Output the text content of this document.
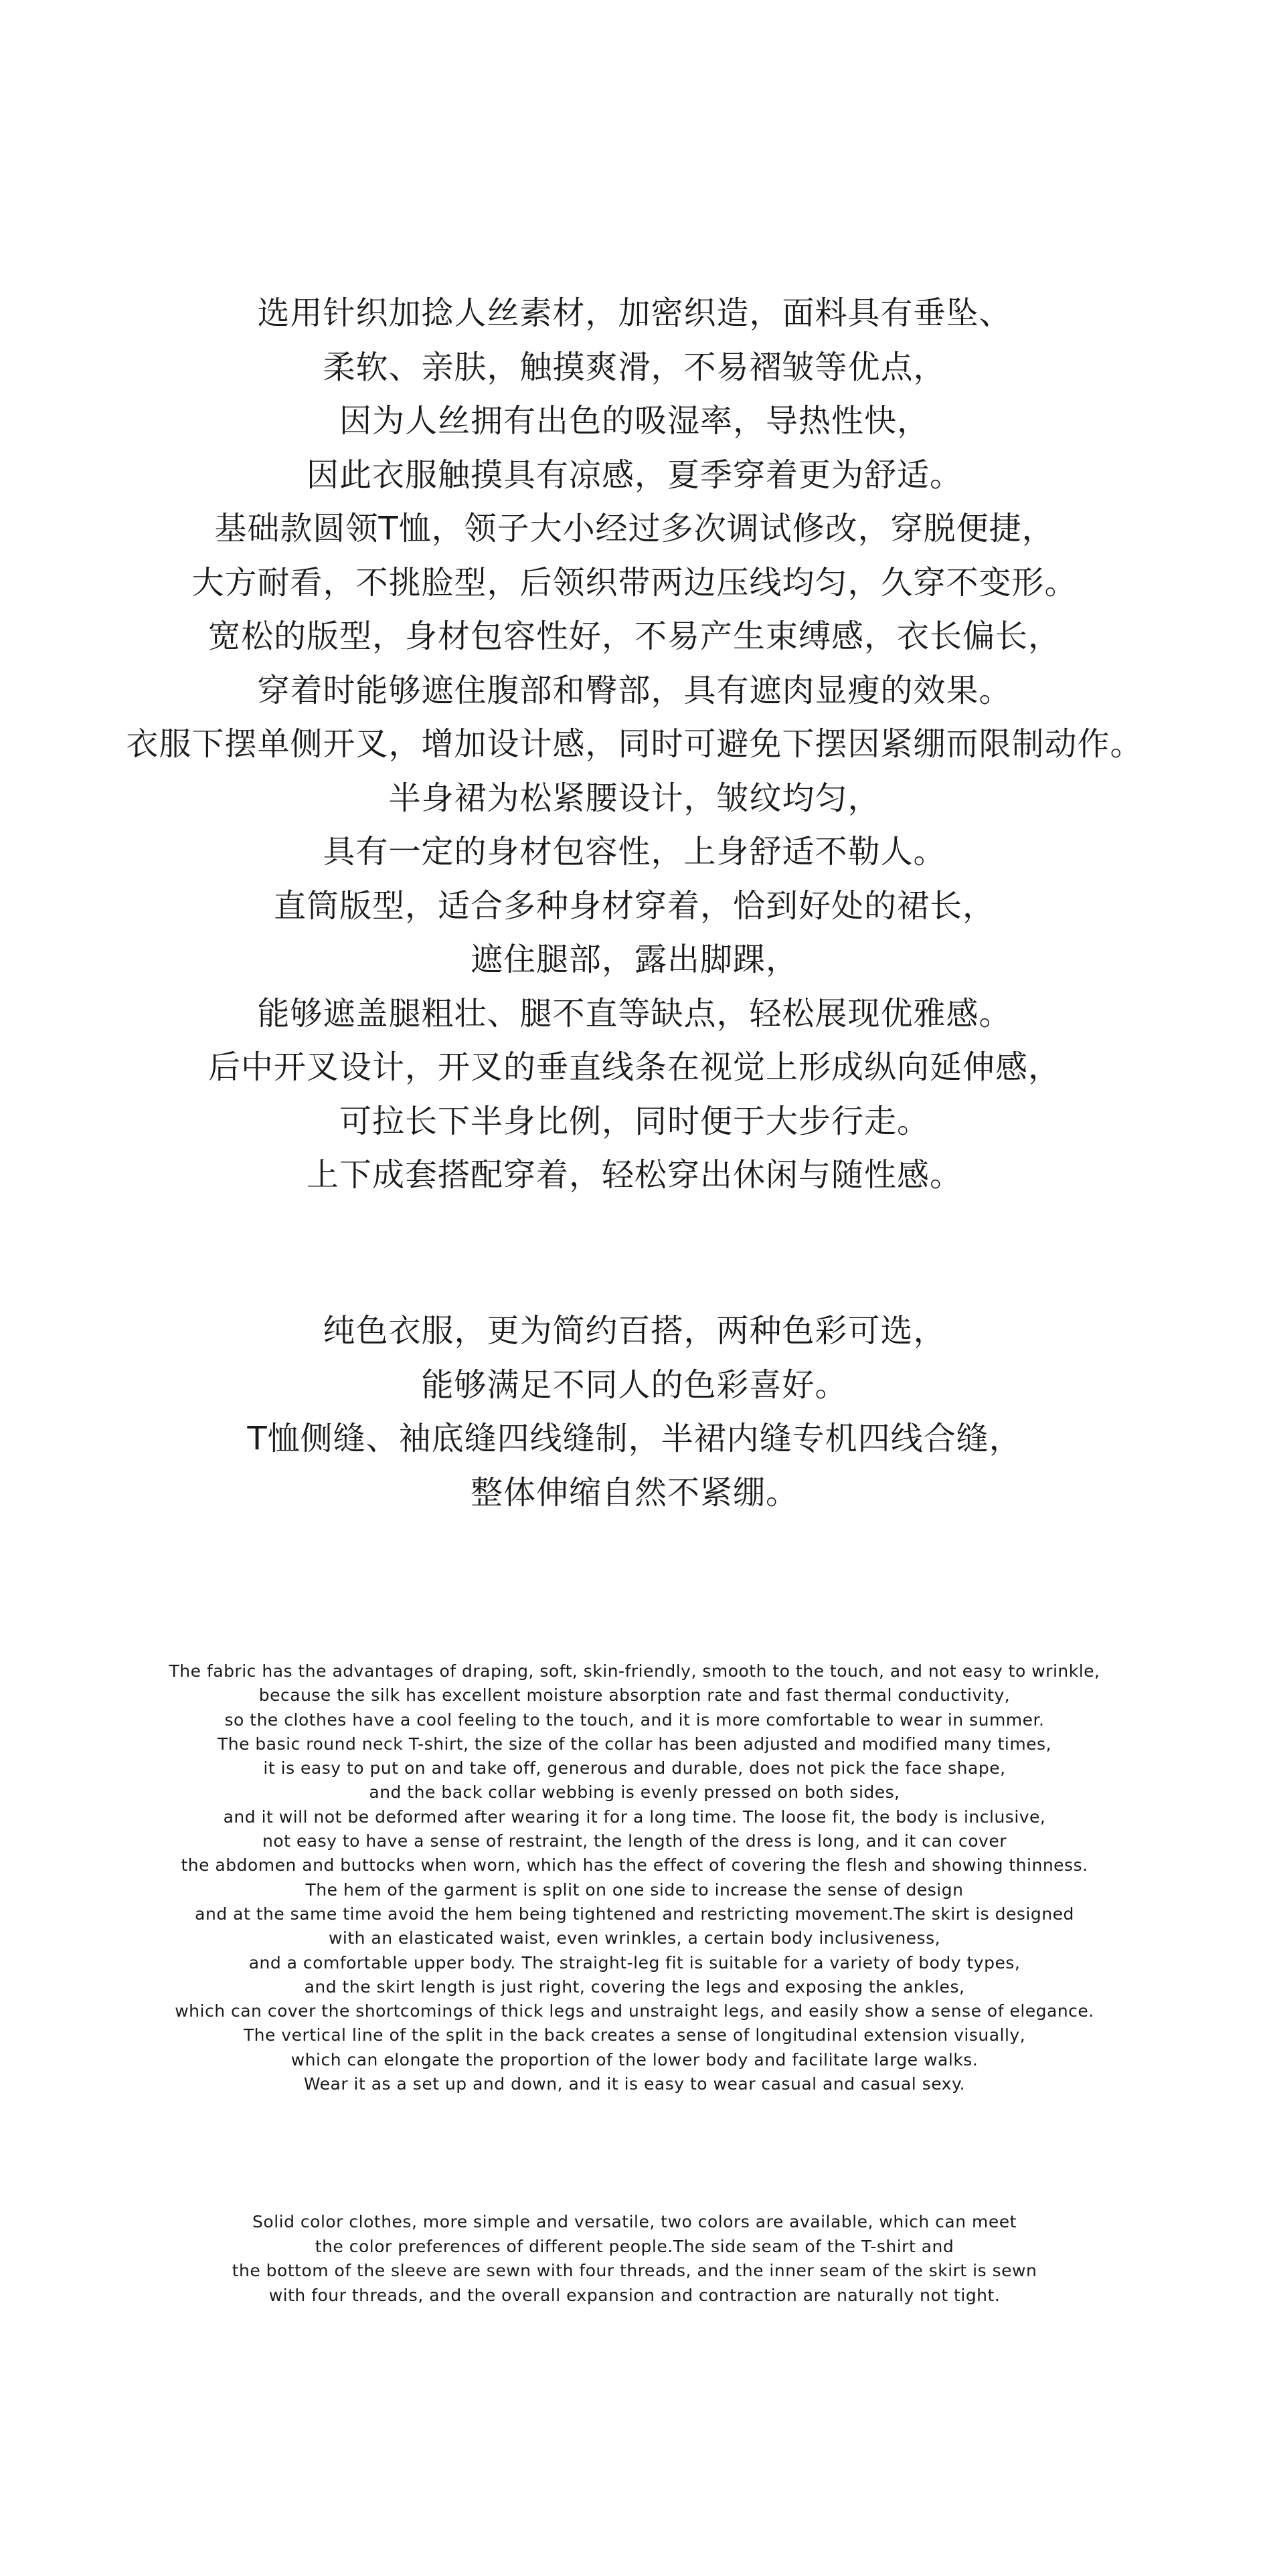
选用针织加捻人丝素材，加密织造，面料具有垂坠、
柔软、亲肤，触摸爽滑，不易褶皱等优点，
因为人丝拥有出色的吸湿率，导热性快，
因此衣服触摸具有凉感，夏季穿着更为舒适。
基础款圆领T恤，领子大小经过多次调试修改，穿脱便捷，
大方耐看，不挑脸型，后领织带两边压线均匀，久穿不变形。
宽松的版型，身材包容性好，不易产生束缚感，衣长偏长，
穿着时能够遮住腹部和臀部，具有遮肉显瘦的效果。
衣服下摆单侧开叉，增加设计感，同时可避免下摆因紧绷而限制动作。
半身裙为松紧腰设计，皱纹均匀，
具有一定的身材包容性，上身舒适不勒人。
直筒版型，适合多种身材穿着，恰到好处的裙长，
遮住腿部，露出脚踝，
能够遮盖腿粗壮、腿不直等缺点，轻松展现优雅感。
后中开叉设计，开叉的垂直线条在视觉上形成纵向延伸感，
可拉长下半身比例，同时便于大步行走。
上下成套搭配穿着，轻松穿出休闲与随性感。
纯色衣服，更为简约百搭，两种色彩可选，
能够满足不同人的色彩喜好。
T恤侧缝、袖底缝四线缝制，半裙内缝专机四线合缝，
整体伸缩自然不紧绷。
The fabric has the advantages of draping, soft, skin-friendly, smooth to the touch, and not easy to wrinkle,
because the silk has excellent moisture absorption rate and fast thermal conductivity,
so the clothes have a cool feeling to the touch, and it is more comfortable to wear in summer.
The basic round neck T-shirt, the size of the collar has been adjusted and modified many times,
it is easy to put on and take off, generous and durable, does not pick the face shape,
and the back collar webbing is evenly pressed on both sides,
and it will not be deformed after wearing it for a long time. The loose fit, the body is inclusive,
not easy to have a sense of restraint, the length of the dress is long, and it can cover
the abdomen and buttocks when worn, which has the effect of covering the flesh and showing thinness.
The hem of the garment is split on one side to increase the sense of design
and at the same time avoid the hem being tightened and restricting movement.The skirt is designed
with an elasticated waist, even wrinkles, a certain body inclusiveness,
and a comfortable upper body. The straight-leg fit is suitable for a variety of body types,
and the skirt length is just right, covering the legs and exposing the ankles,
which can cover the shortcomings of thick legs and unstraight legs, and easily show a sense of elegance.
The vertical line of the split in the back creates a sense of longitudinal extension visually,
which can elongate the proportion of the lower body and facilitate large walks.
Wear it as a set up and down, and it is easy to wear casual and casual sexy.
Solid color clothes, more simple and versatile, two colors are available, which can meet
the color preferences of different people.The side seam of the T-shirt and
the bottom of the sleeve are sewn with four threads, and the inner seam of the skirt is sewn
with four threads, and the overall expansion and contraction are naturally not tight.
